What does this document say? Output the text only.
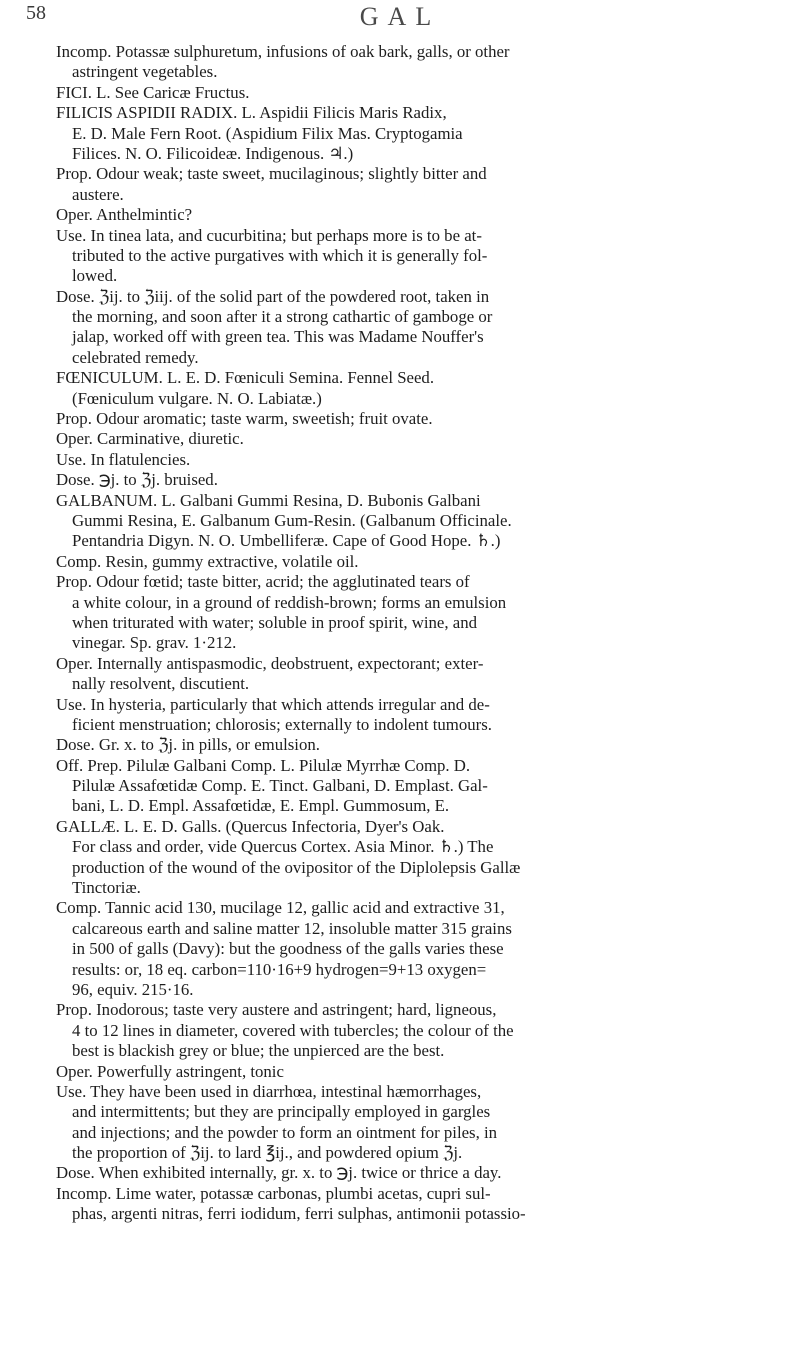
58	GAL
Incomp. Potassæ sulphuretum, infusions of oak bark, galls, or other
astringent vegetables.
FICI. L. See Caricæ Fructus.
FILICIS ASPIDII RADIX. L. Aspidii Filicis Maris Radix,
E. D. Male Fern Root. (Aspidium Filix Mas. Cryptogamia
Filices. N. O. Filicoideæ. Indigenous. ♃.)
Prop. Odour weak; taste sweet, mucilaginous; slightly bitter and
austere.
Oper. Anthelmintic?
Use. In tinea lata, and cucurbitina; but perhaps more is to be at-
tributed to the active purgatives with which it is generally fol-
lowed.
Dose. ℨij. to ℨiij. of the solid part of the powdered root, taken in
the morning, and soon after it a strong cathartic of gamboge or
jalap, worked off with green tea. This was Madame Nouffer's
celebrated remedy.
FŒNICULUM. L. E. D. Fœniculi Semina. Fennel Seed.
(Fœniculum vulgare. N. O. Labiatæ.)
Prop. Odour aromatic; taste warm, sweetish; fruit ovate.
Oper. Carminative, diuretic.
Use. In flatulencies.
Dose. ℈j. to ℨj. bruised.
GALBANUM. L. Galbani Gummi Resina, D. Bubonis Galbani
Gummi Resina, E. Galbanum Gum-Resin. (Galbanum Officinale.
Pentandria Digyn. N. O. Umbelliferæ. Cape of Good Hope. ♄.)
Comp. Resin, gummy extractive, volatile oil.
Prop. Odour fœtid; taste bitter, acrid; the agglutinated tears of
a white colour, in a ground of reddish-brown; forms an emulsion
when triturated with water; soluble in proof spirit, wine, and
vinegar. Sp. grav. 1·212.
Oper. Internally antispasmodic, deobstruent, expectorant; exter-
nally resolvent, discutient.
Use. In hysteria, particularly that which attends irregular and de-
ficient menstruation; chlorosis; externally to indolent tumours.
Dose. Gr. x. to ℨj. in pills, or emulsion.
Off. Prep. Pilulæ Galbani Comp. L. Pilulæ Myrrhæ Comp. D.
Pilulæ Assafœtidæ Comp. E. Tinct. Galbani, D. Emplast. Gal-
bani, L. D. Empl. Assafœtidæ, E. Empl. Gummosum, E.
GALLÆ. L. E. D. Galls. (Quercus Infectoria, Dyer's Oak.
For class and order, vide Quercus Cortex. Asia Minor. ♄.) The
production of the wound of the ovipositor of the Diplolepsis Gallæ
Tinctoriæ.
Comp. Tannic acid 130, mucilage 12, gallic acid and extractive 31,
calcareous earth and saline matter 12, insoluble matter 315 grains
in 500 of galls (Davy): but the goodness of the galls varies these
results: or, 18 eq. carbon=110·16+9 hydrogen=9+13 oxygen=
96, equiv. 215·16.
Prop. Inodorous; taste very austere and astringent; hard, ligneous,
4 to 12 lines in diameter, covered with tubercles; the colour of the
best is blackish grey or blue; the unpierced are the best.
Oper. Powerfully astringent, tonic
Use. They have been used in diarrhœa, intestinal hæmorrhages,
and intermittents; but they are principally employed in gargles
and injections; and the powder to form an ointment for piles, in
the proportion of ℨij. to lard ℥ij., and powdered opium ℨj.
Dose. When exhibited internally, gr. x. to ℈j. twice or thrice a day.
Incomp. Lime water, potassæ carbonas, plumbi acetas, cupri sul-
phas, argenti nitras, ferri iodidum, ferri sulphas, antimonii potassio-
